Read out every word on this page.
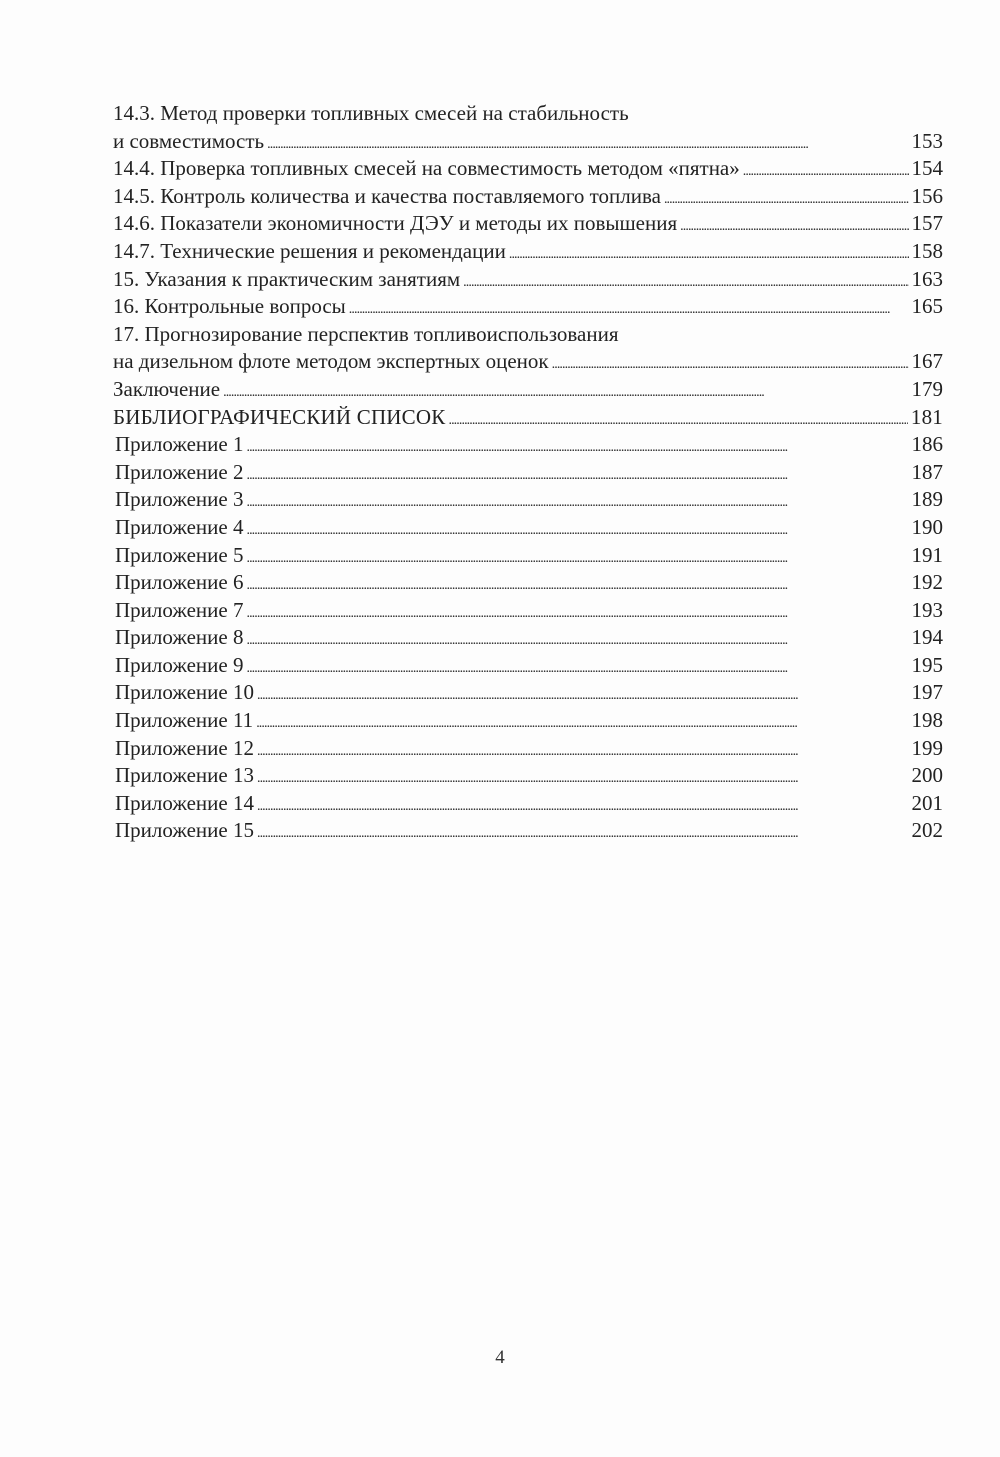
14.3. Метод проверки топливных смесей на стабильность
и совместимость . . .	153
14.4. Проверка топливных смесей на совместимость методом «пятна» . . .	154
14.5. Контроль количества и качества поставляемого топлива . . .	156
14.6. Показатели экономичности ДЭУ и методы их повышения . . .	157
14.7. Технические решения и рекомендации . . .	158
15. Указания к практическим занятиям . . .	163
16. Контрольные вопросы . . .	165
17. Прогнозирование перспектив топливоиспользования
на дизельном флоте методом экспертных оценок . . .	167
Заключение . . .	179
БИБЛИОГРАФИЧЕСКИЙ СПИСОК . . .	181
Приложение 1 . . .	186
Приложение 2 . . .	187
Приложение 3 . . .	189
Приложение 4 . . .	190
Приложение 5 . . .	191
Приложение 6 . . .	192
Приложение 7 . . .	193
Приложение 8 . . .	194
Приложение 9 . . .	195
Приложение 10 . . .	197
Приложение 11 . . .	198
Приложение 12 . . .	199
Приложение 13 . . .	200
Приложение 14 . . .	201
Приложение 15 . . .	202
4
